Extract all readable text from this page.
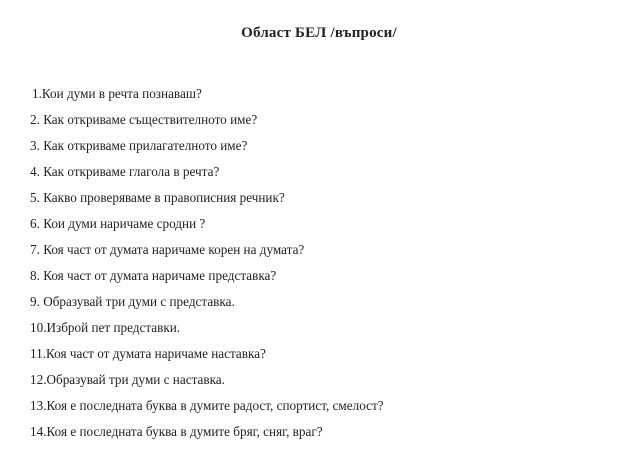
Област БЕЛ /въпроси/
1.Кои думи в речта познаваш?
2. Как откриваме съществителното име?
3. Как откриваме прилагателното име?
4. Как откриваме глагола в речта?
5. Какво проверяваме в правописния речник?
6. Кои думи наричаме сродни ?
7. Коя част от думата наричаме корен на думата?
8. Коя част от думата наричаме представка?
9. Образувай три думи с представка.
10.Изброй пет представки.
11.Коя част от думата наричаме наставка?
12.Образувай три думи с наставка.
13.Коя е последната буква в думите радост, спортист, смелост?
14.Коя е последната буква в думите бряг, сняг, враг?
